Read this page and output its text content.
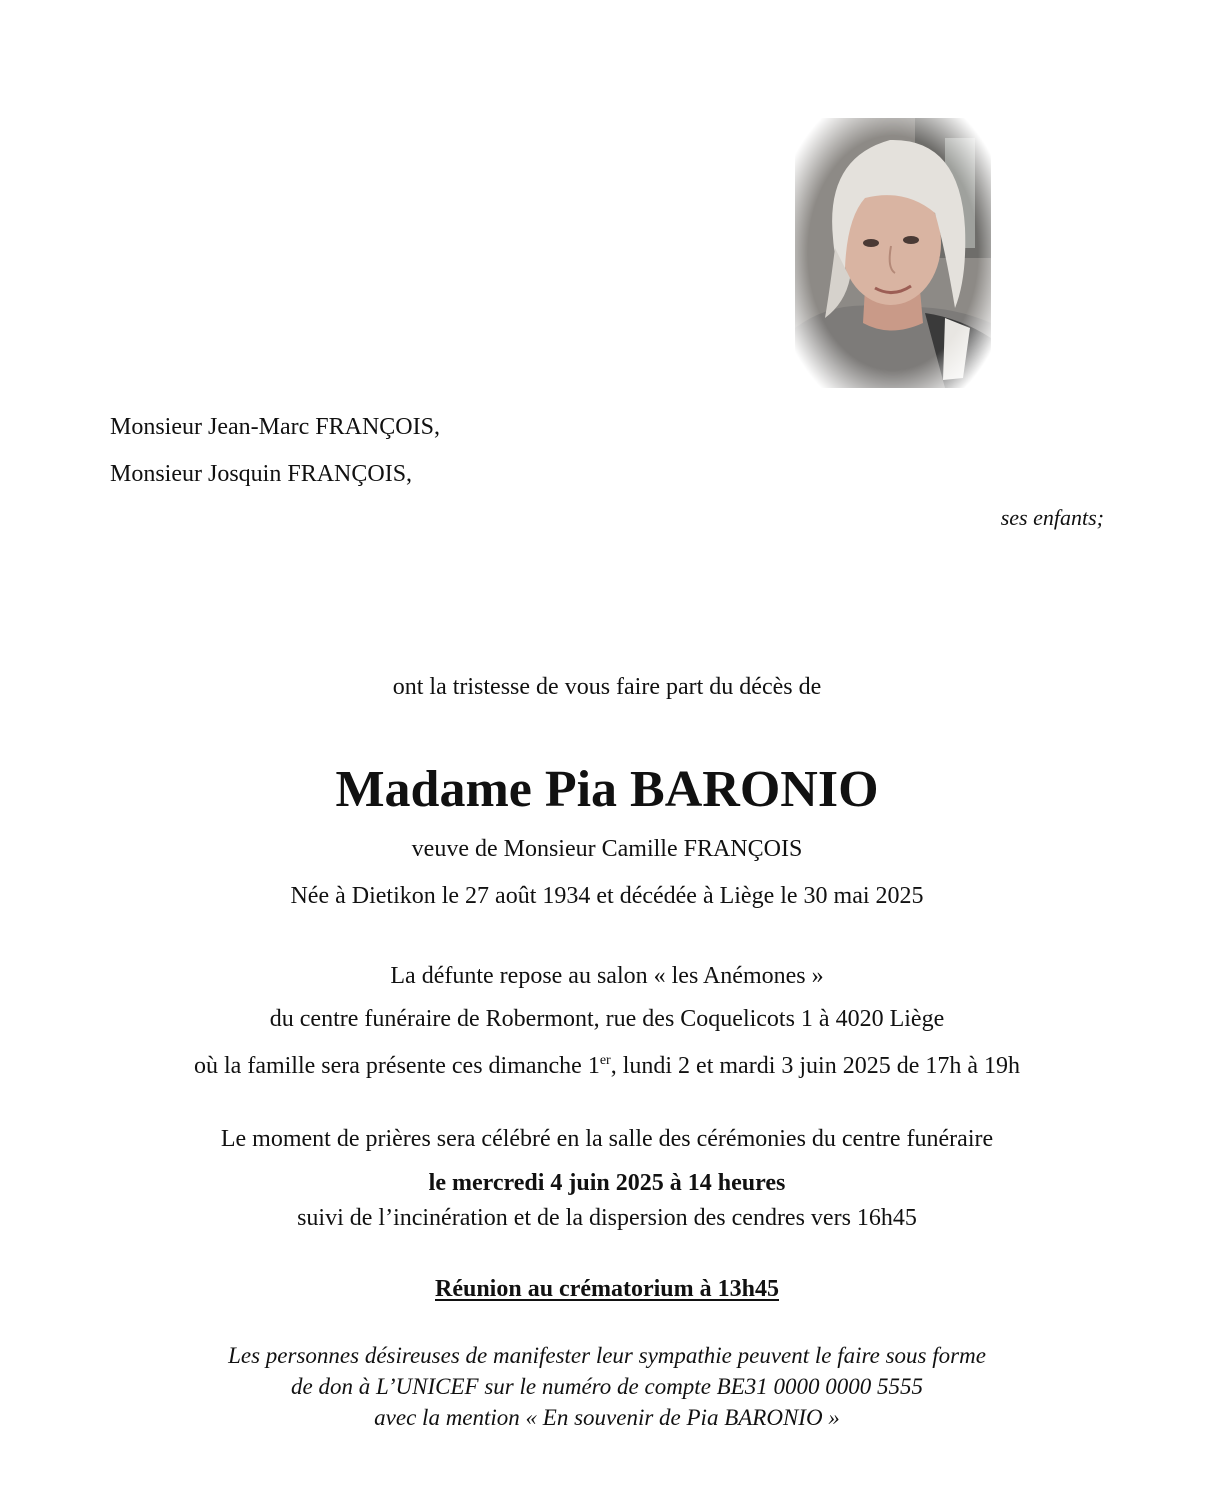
Monsieur Jean-Marc FRANÇOIS,
Monsieur Josquin FRANÇOIS,
ses enfants;
ont la tristesse de vous faire part du décès de
Madame Pia BARONIO
veuve de Monsieur Camille FRANÇOIS
Née à Dietikon le 27 août 1934 et décédée à Liège le 30 mai 2025
La défunte repose au salon « les Anémones »
du centre funéraire de Robermont, rue des Coquelicots 1 à 4020 Liège
où la famille sera présente ces dimanche 1er, lundi 2 et mardi 3 juin 2025 de 17h à 19h
Le moment de prières sera célébré en la salle des cérémonies du centre funéraire
le mercredi 4 juin 2025 à 14 heures
suivi de l’incinération et de la dispersion des cendres vers 16h45
Réunion au crématorium à 13h45
Les personnes désireuses de manifester leur sympathie peuvent le faire sous forme
de don à L’UNICEF sur le numéro de compte BE31 0000 0000 5555
avec la mention « En souvenir de Pia BARONIO »
